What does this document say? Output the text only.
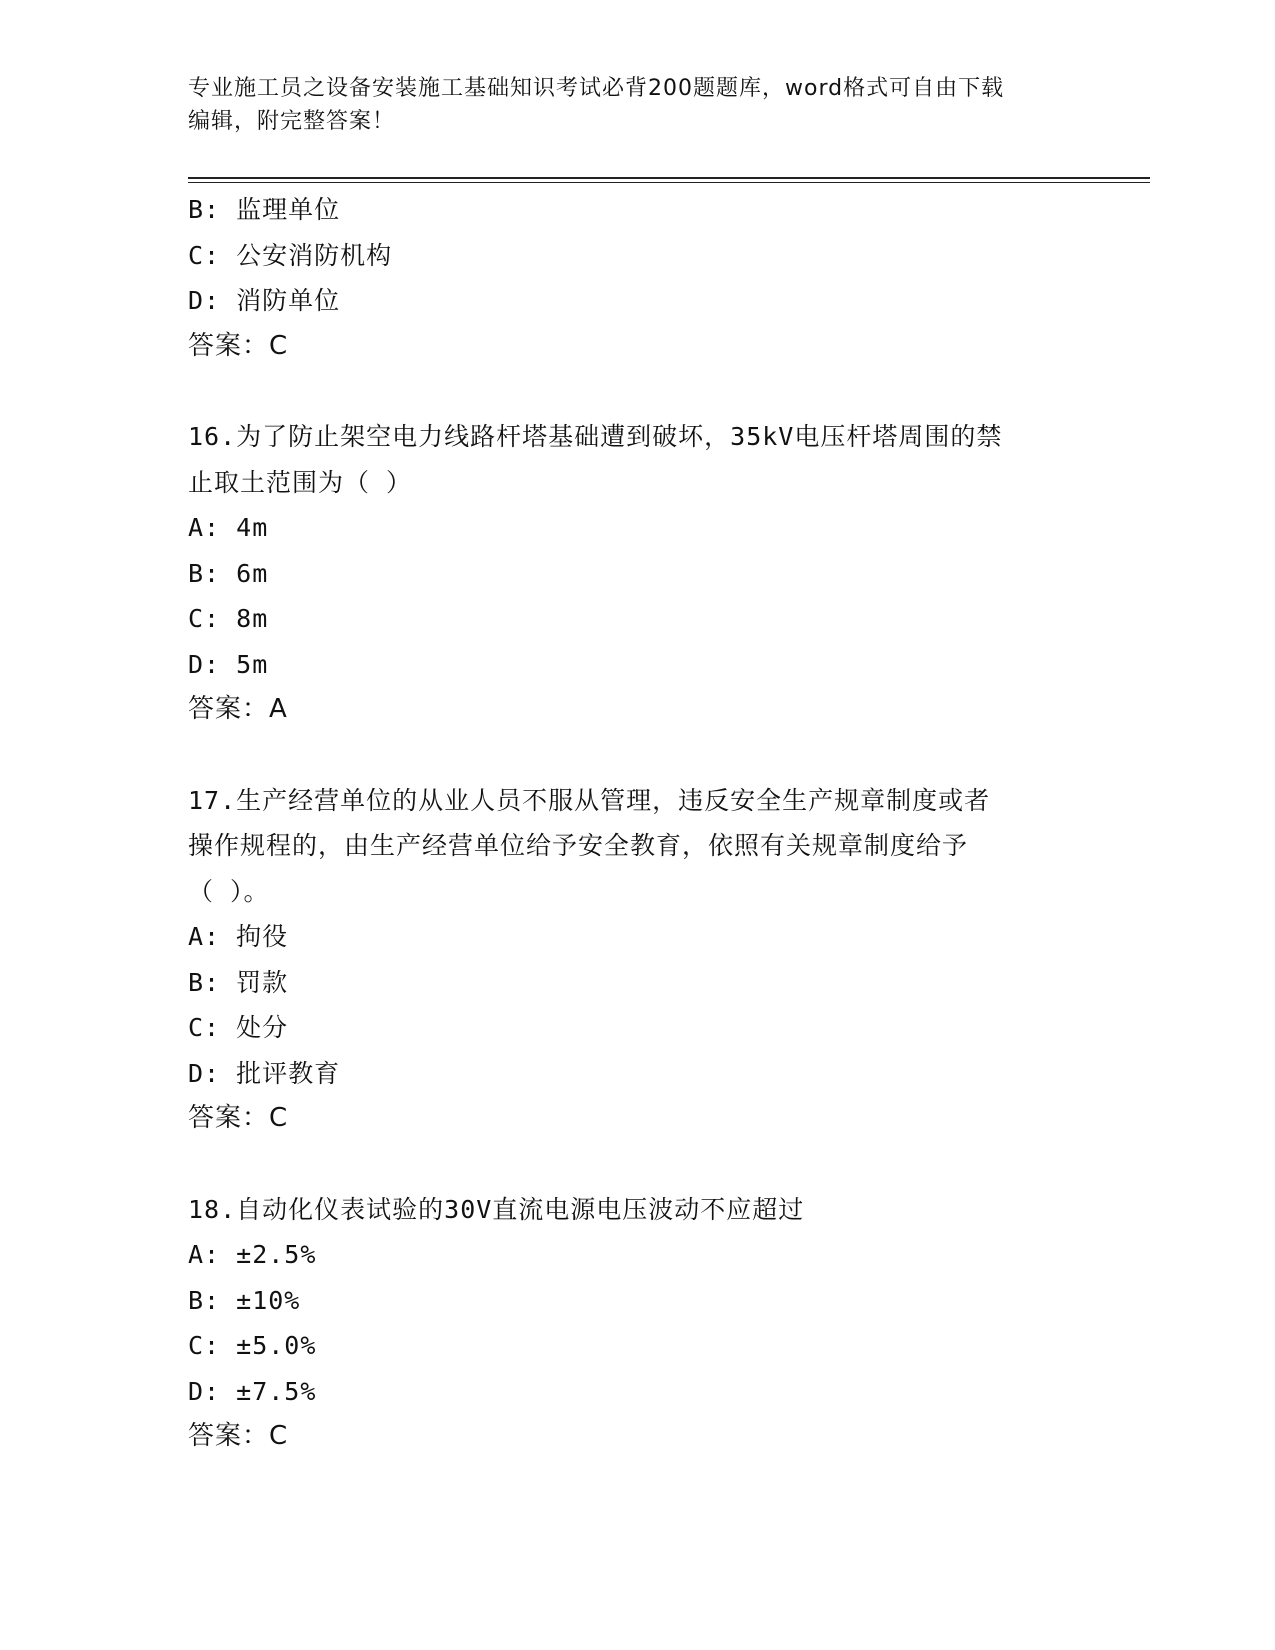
专业施工员之设备安装施工基础知识考试必背200题题库，word格式可自由下载
编辑，附完整答案！
B: 监理单位
C: 公安消防机构
D: 消防单位
答案：C
16.为了防止架空电力线路杆塔基础遭到破坏，35kV电压杆塔周围的禁
止取土范围为（ ）
A: 4m
B: 6m
C: 8m
D: 5m
答案：A
17.生产经营单位的从业人员不服从管理，违反安全生产规章制度或者
操作规程的，由生产经营单位给予安全教育，依照有关规章制度给予
（ ）。
A: 拘役
B: 罚款
C: 处分
D: 批评教育
答案：C
18.自动化仪表试验的30V直流电源电压波动不应超过
A: ±2.5%
B: ±10%
C: ±5.0%
D: ±7.5%
答案：C
